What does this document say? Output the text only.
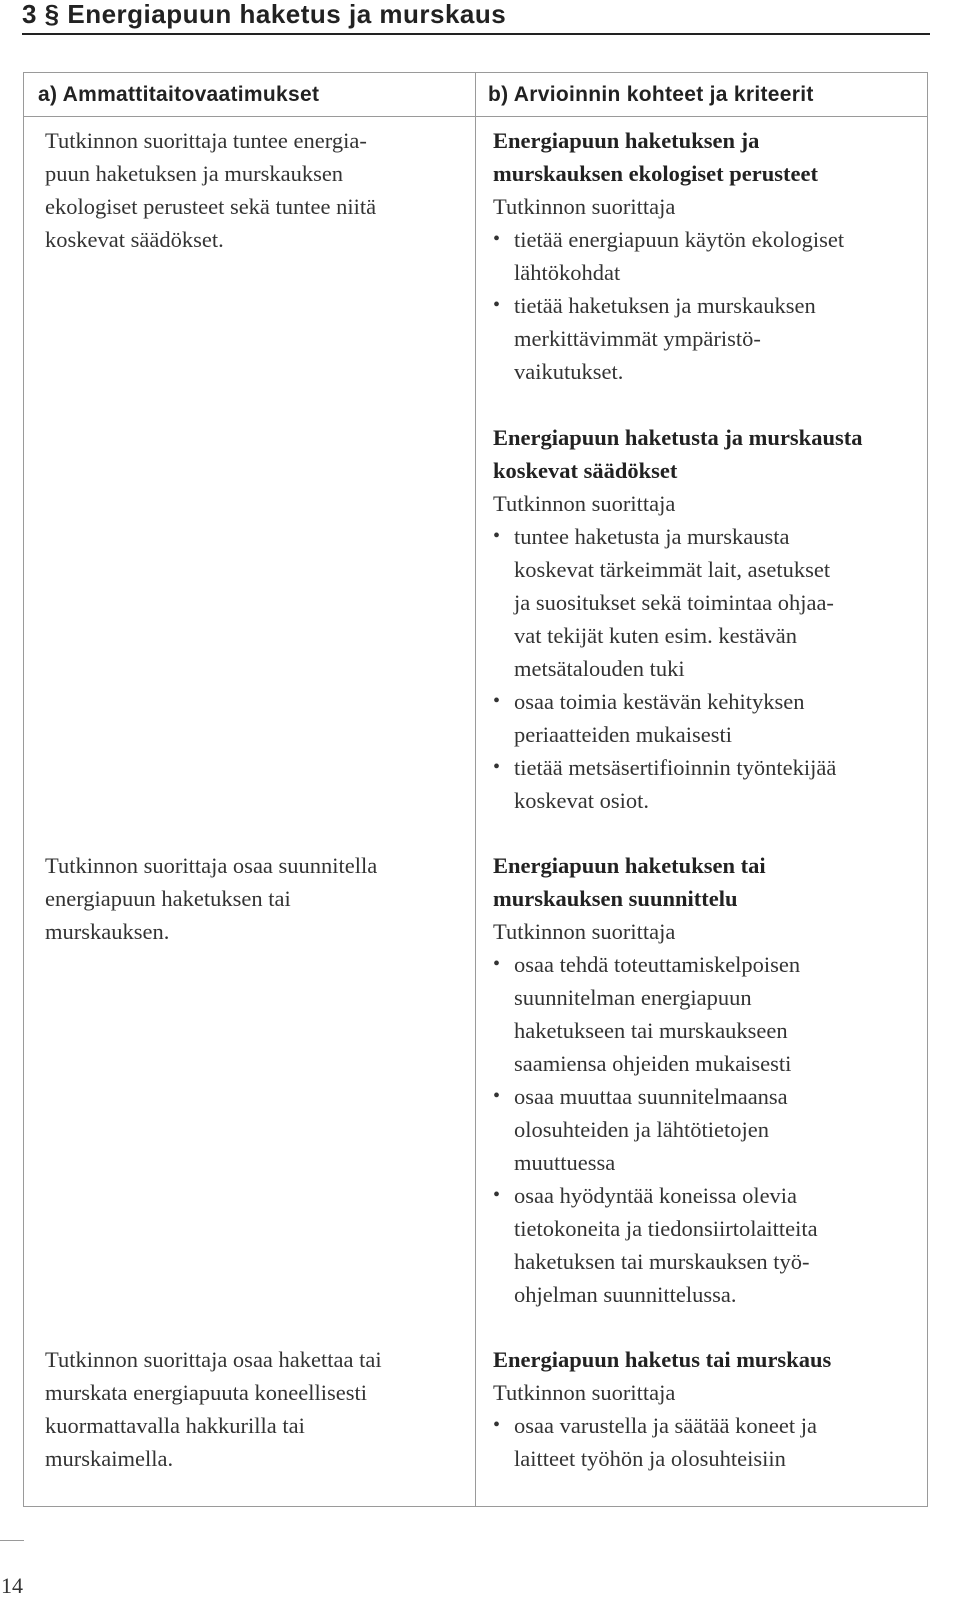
3 § Energiapuun haketus ja murskaus
a) Ammattitaitovaatimukset	b) Arvioinnin kohteet ja kriteerit
Tutkinnon suorittaja tuntee energia-
puun haketuksen ja murskauksen
ekologiset perusteet sekä tuntee niitä
koskevat säädökset.
Tutkinnon suorittaja osaa suunnitella
energiapuun haketuksen tai
murskauksen.
Tutkinnon suorittaja osaa hakettaa tai
murskata energiapuuta koneellisesti
kuormattavalla hakkurilla tai
murskaimella.
Energiapuun haketuksen ja
murskauksen ekologiset perusteet
Tutkinnon suorittaja
• tietää energiapuun käytön ekologiset
lähtökohdat
• tietää haketuksen ja murskauksen
merkittävimmät ympäristö-
vaikutukset.
Energiapuun haketusta ja murskausta
koskevat säädökset
Tutkinnon suorittaja
• tuntee haketusta ja murskausta
koskevat tärkeimmät lait, asetukset
ja suositukset sekä toimintaa ohjaa-
vat tekijät kuten esim. kestävän
metsätalouden tuki
• osaa toimia kestävän kehityksen
periaatteiden mukaisesti
• tietää metsäsertifioinnin työntekijää
koskevat osiot.
Energiapuun haketuksen tai
murskauksen suunnittelu
Tutkinnon suorittaja
• osaa tehdä toteuttamiskelpoisen
suunnitelman energiapuun
haketukseen tai murskaukseen
saamiensa ohjeiden mukaisesti
• osaa muuttaa suunnitelmaansa
olosuhteiden ja lähtötietojen
muuttuessa
• osaa hyödyntää koneissa olevia
tietokoneita ja tiedonsiirtolaitteita
haketuksen tai murskauksen työ-
ohjelman suunnittelussa.
Energiapuun haketus tai murskaus
Tutkinnon suorittaja
• osaa varustella ja säätää koneet ja
laitteet työhön ja olosuhteisiin
14
